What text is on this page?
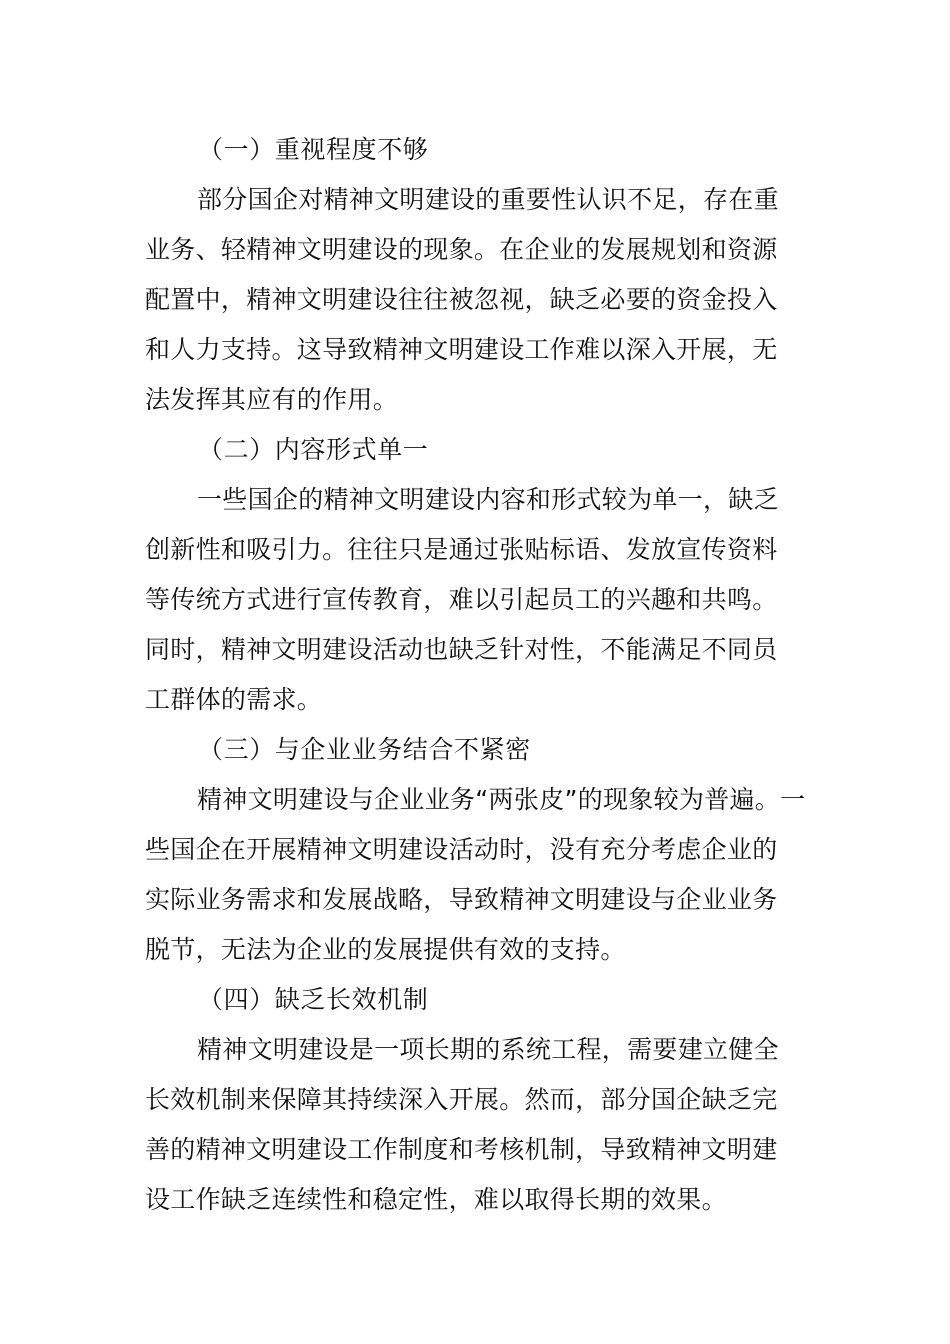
（一）重视程度不够
部分国企对精神文明建设的重要性认识不足，存在重
业务、轻精神文明建设的现象。在企业的发展规划和资源
配置中，精神文明建设往往被忽视，缺乏必要的资金投入
和人力支持。这导致精神文明建设工作难以深入开展，无
法发挥其应有的作用。
（二）内容形式单一
一些国企的精神文明建设内容和形式较为单一，缺乏
创新性和吸引力。往往只是通过张贴标语、发放宣传资料
等传统方式进行宣传教育，难以引起员工的兴趣和共鸣。
同时，精神文明建设活动也缺乏针对性，不能满足不同员
工群体的需求。
（三）与企业业务结合不紧密
精神文明建设与企业业务“两张皮”的现象较为普遍。一
些国企在开展精神文明建设活动时，没有充分考虑企业的
实际业务需求和发展战略，导致精神文明建设与企业业务
脱节，无法为企业的发展提供有效的支持。
（四）缺乏长效机制
精神文明建设是一项长期的系统工程，需要建立健全
长效机制来保障其持续深入开展。然而，部分国企缺乏完
善的精神文明建设工作制度和考核机制，导致精神文明建
设工作缺乏连续性和稳定性，难以取得长期的效果。
